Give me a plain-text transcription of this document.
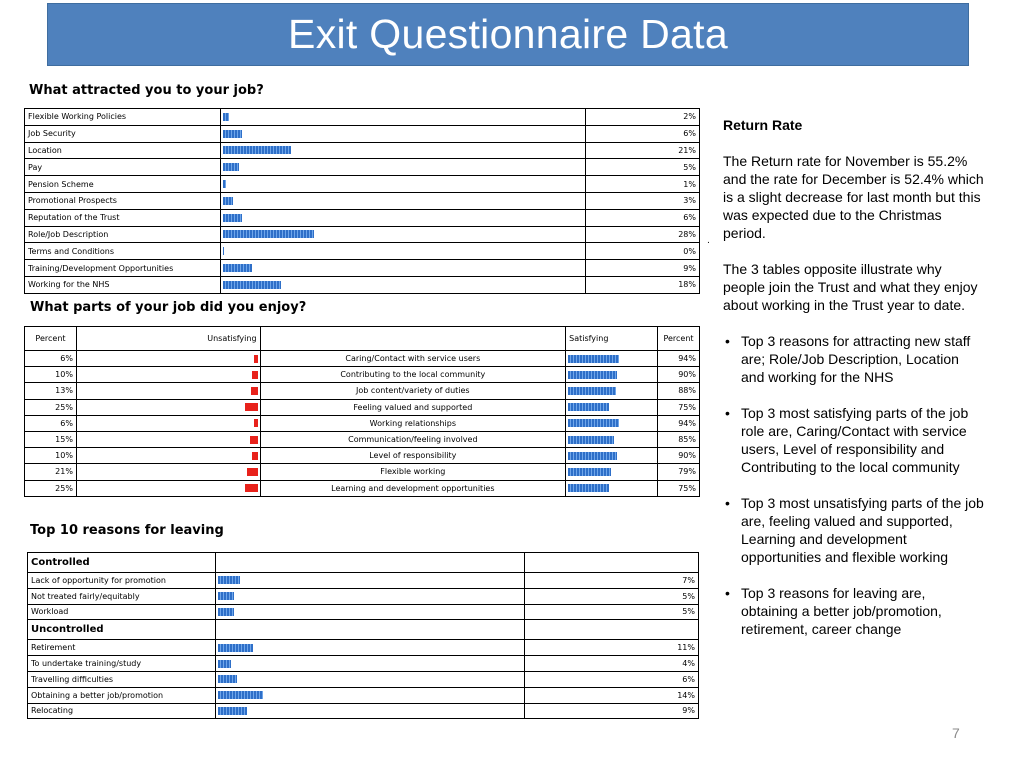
Exit Questionnaire Data
What attracted you to your job?
Flexible Working Policies		2%
Job Security		6%
Location		21%
Pay		5%
Pension Scheme		1%
Promotional Prospects		3%
Reputation of the Trust		6%
Role/Job Description		28%
Terms and Conditions		0%
Training/Development Opportunities		9%
Working for the NHS		18%
What parts of your job did you enjoy?
Percent	Unsatisfying		Satisfying	Percent
6%		Caring/Contact with service users		94%
10%		Contributing to the local community		90%
13%		Job content/variety of duties		88%
25%		Feeling valued and supported		75%
6%		Working relationships		94%
15%		Communication/feeling involved		85%
10%		Level of responsibility		90%
21%		Flexible working		79%
25%		Learning and development opportunities		75%
Top 10 reasons for leaving
Controlled		
Lack of opportunity for promotion		7%
Not treated fairly/equitably		5%
Workload		5%
Uncontrolled		
Retirement		11%
To undertake training/study		4%
Travelling difficulties		6%
Obtaining a better job/promotion		14%
Relocating		9%
.

Return Rate

The Return rate for November is 55.2% and the rate for December is 52.4% which is a slight decrease for last month but this was expected due to the Christmas period.

The 3 tables opposite illustrate why people join the Trust and what they enjoy about working in the Trust year to date.

• Top 3 reasons for attracting new staff are; Role/Job Description, Location and working for the NHS
• Top 3 most satisfying parts of the job role are, Caring/Contact with service users, Level of responsibility and Contributing to the local community
• Top 3 most unsatisfying parts of the job are, feeling valued and supported, Learning and development opportunities and flexible working
• Top 3 reasons for leaving are, obtaining a better job/promotion, retirement, career change
7
